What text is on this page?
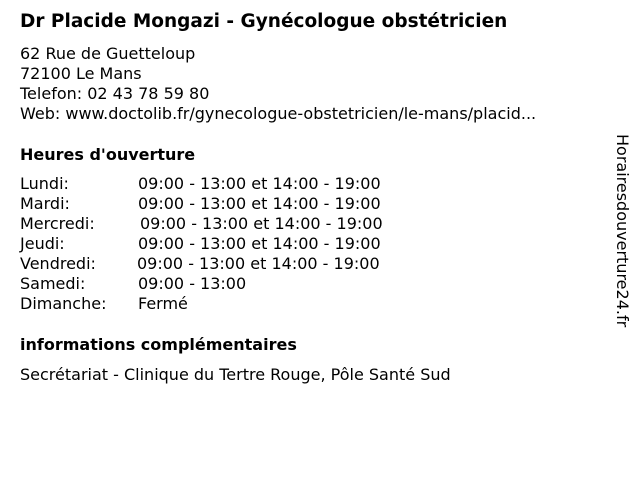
Dr Placide Mongazi - Gynécologue obstétricien
62 Rue de Guetteloup
72100 Le Mans
Telefon: 02 43 78 59 80
Web: www.doctolib.fr/gynecologue-obstetricien/le-mans/placid...
Heures d'ouverture
Lundi:	09:00 - 13:00 et 14:00 - 19:00
Mardi:	09:00 - 13:00 et 14:00 - 19:00
Mercredi:	09:00 - 13:00 et 14:00 - 19:00
Jeudi:	09:00 - 13:00 et 14:00 - 19:00
Vendredi:	09:00 - 13:00 et 14:00 - 19:00
Samedi:	09:00 - 13:00
Dimanche: Fermé
informations complémentaires
Secrétariat - Clinique du Tertre Rouge, Pôle Santé Sud
Horairesdouverture24.fr
